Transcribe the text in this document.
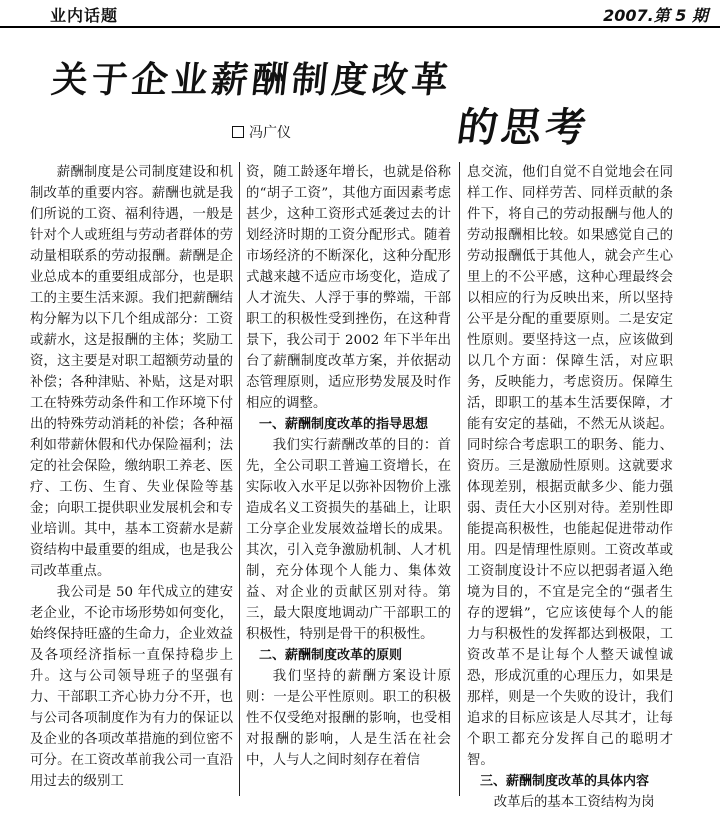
业内话题	2007.第 5 期
关于企业薪酬制度改革
的思考
冯广仪

薪酬制度是公司制度建设和机制改革的重要内容。薪酬也就是我们所说的工资、福利待遇，一般是针对个人或班组与劳动者群体的劳动量相联系的劳动报酬。薪酬是企业总成本的重要组成部分，也是职工的主要生活来源。我们把薪酬结构分解为以下几个组成部分：工资或薪水，这是报酬的主体；奖励工资，这主要是对职工超额劳动量的补偿；各种津贴、补贴，这是对职工在特殊劳动条件和工作环境下付出的特殊劳动消耗的补偿；各种福利如带薪休假和代办保险福利；法定的社会保险，缴纳职工养老、医疗、工伤、生育、失业保险等基金；向职工提供职业发展机会和专业培训。其中，基本工资薪水是薪资结构中最重要的组成，也是我公司改革重点。

我公司是 50 年代成立的建安老企业，不论市场形势如何变化，始终保持旺盛的生命力，企业效益及各项经济指标一直保持稳步上升。这与公司领导班子的坚强有力、干部职工齐心协力分不开，也与公司各项制度作为有力的保证以及企业的各项改革措施的到位密不可分。在工资改革前我公司一直沿用过去的级别工

资，随工龄逐年增长，也就是俗称的“胡子工资”，其他方面因素考虑甚少，这种工资形式延袭过去的计划经济时期的工资分配形式。随着市场经济的不断深化，这种分配形式越来越不适应市场变化，造成了人才流失、人浮于事的弊端，干部职工的积极性受到挫伤，在这种背景下，我公司于 2002 年下半年出台了薪酬制度改革方案，并依据动态管理原则，适应形势发展及时作相应的调整。

一、薪酬制度改革的指导思想

我们实行薪酬改革的目的：首先，全公司职工普遍工资增长，在实际收入水平足以弥补因物价上涨造成名义工资损失的基础上，让职工分享企业发展效益增长的成果。其次，引入竞争激励机制、人才机制，充分体现个人能力、集体效益、对企业的贡献区别对待。第三，最大限度地调动广干部职工的积极性，特别是骨干的积极性。

二、薪酬制度改革的原则

我们坚持的薪酬方案设计原则：一是公平性原则。职工的积极性不仅受绝对报酬的影响，也受相对报酬的影响，人是生活在社会中，人与人之间时刻存在着信

息交流，他们自觉不自觉地会在同样工作、同样劳苦、同样贡献的条件下，将自己的劳动报酬与他人的劳动报酬相比较。如果感觉自己的劳动报酬低于其他人，就会产生心里上的不公平感，这种心理最终会以相应的行为反映出来，所以坚持公平是分配的重要原则。二是安定性原则。要坚持这一点，应该做到以几个方面：保障生活，对应职务，反映能力，考虑资历。保障生活，即职工的基本生活要保障，才能有安定的基础，不然无从谈起。同时综合考虑职工的职务、能力、资历。三是激励性原则。这就要求体现差别，根据贡献多少、能力强弱、责任大小区别对待。差别性即能提高积极性，也能起促进带动作用。四是情理性原则。工资改革或工资制度设计不应以把弱者逼入绝境为目的，不宜是完全的“强者生存的逻辑”，它应该使每个人的能力与积极性的发挥都达到极限，工资改革不是让每个人整天诚惶诚恐，形成沉重的心理压力，如果是那样，则是一个失败的设计，我们追求的目标应该是人尽其才，让每个职工都充分发挥自己的聪明才智。

三、薪酬制度改革的具体内容

改革后的基本工资结构为岗
